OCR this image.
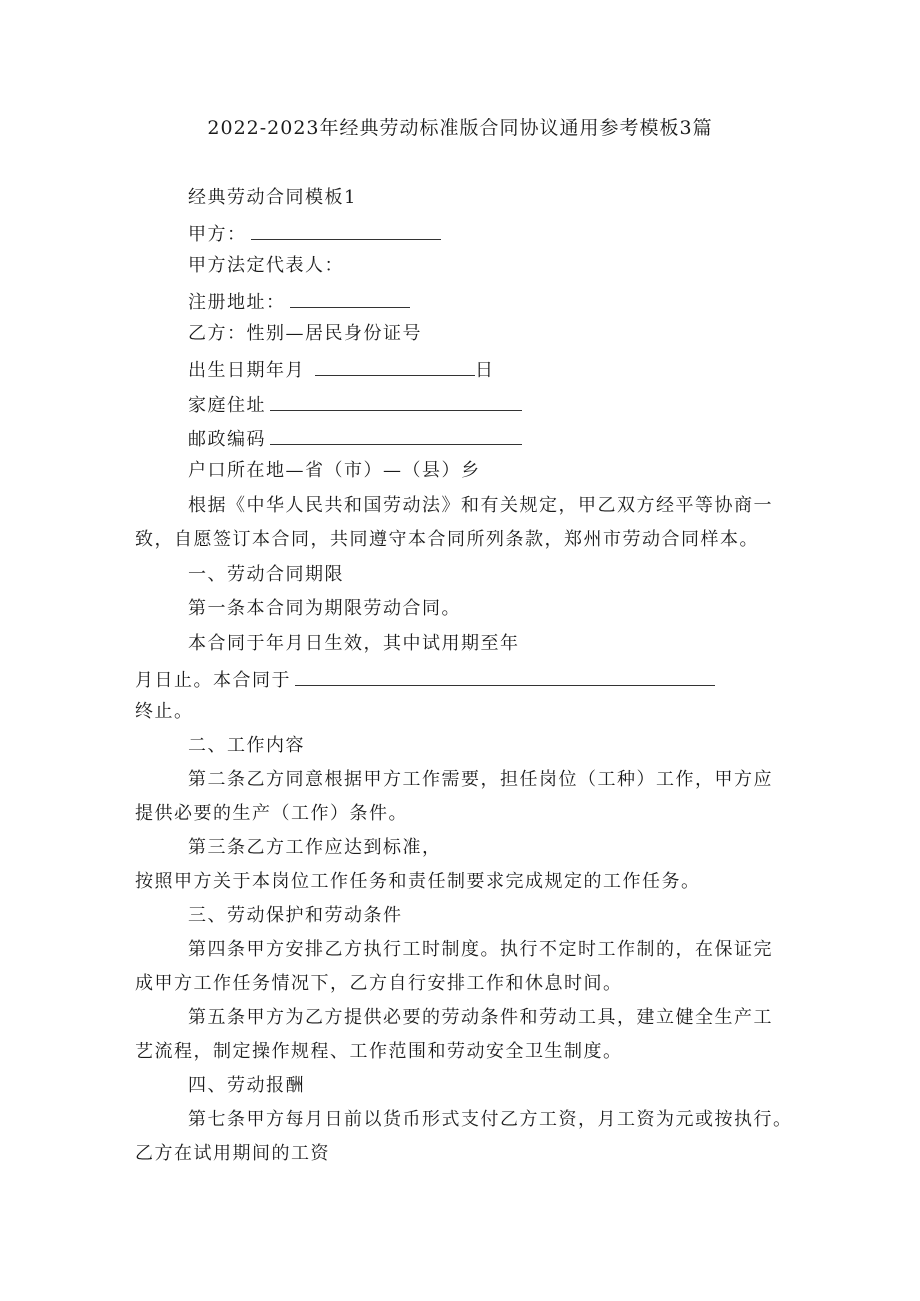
2022-2023年经典劳动标准版合同协议通用参考模板3篇
经典劳动合同模板1
甲方：
甲方法定代表人：
注册地址：
乙方：性别—居民身份证号
出生日期年月	日
家庭住址
邮政编码
户口所在地—省（市）—（县）乡
根据《中华人民共和国劳动法》和有关规定，甲乙双方经平等协商一
致，自愿签订本合同，共同遵守本合同所列条款，郑州市劳动合同样本。
一、劳动合同期限
第一条本合同为期限劳动合同。
本合同于年月日生效，其中试用期至年
月日止。本合同于
终止。
二、工作内容
第二条乙方同意根据甲方工作需要，担任岗位（工种）工作，甲方应
提供必要的生产（工作）条件。
第三条乙方工作应达到标准，
按照甲方关于本岗位工作任务和责任制要求完成规定的工作任务。
三、劳动保护和劳动条件
第四条甲方安排乙方执行工时制度。执行不定时工作制的，在保证完
成甲方工作任务情况下，乙方自行安排工作和休息时间。
第五条甲方为乙方提供必要的劳动条件和劳动工具，建立健全生产工
艺流程，制定操作规程、工作范围和劳动安全卫生制度。
四、劳动报酬
第七条甲方每月日前以货币形式支付乙方工资，月工资为元或按执行。
乙方在试用期间的工资
